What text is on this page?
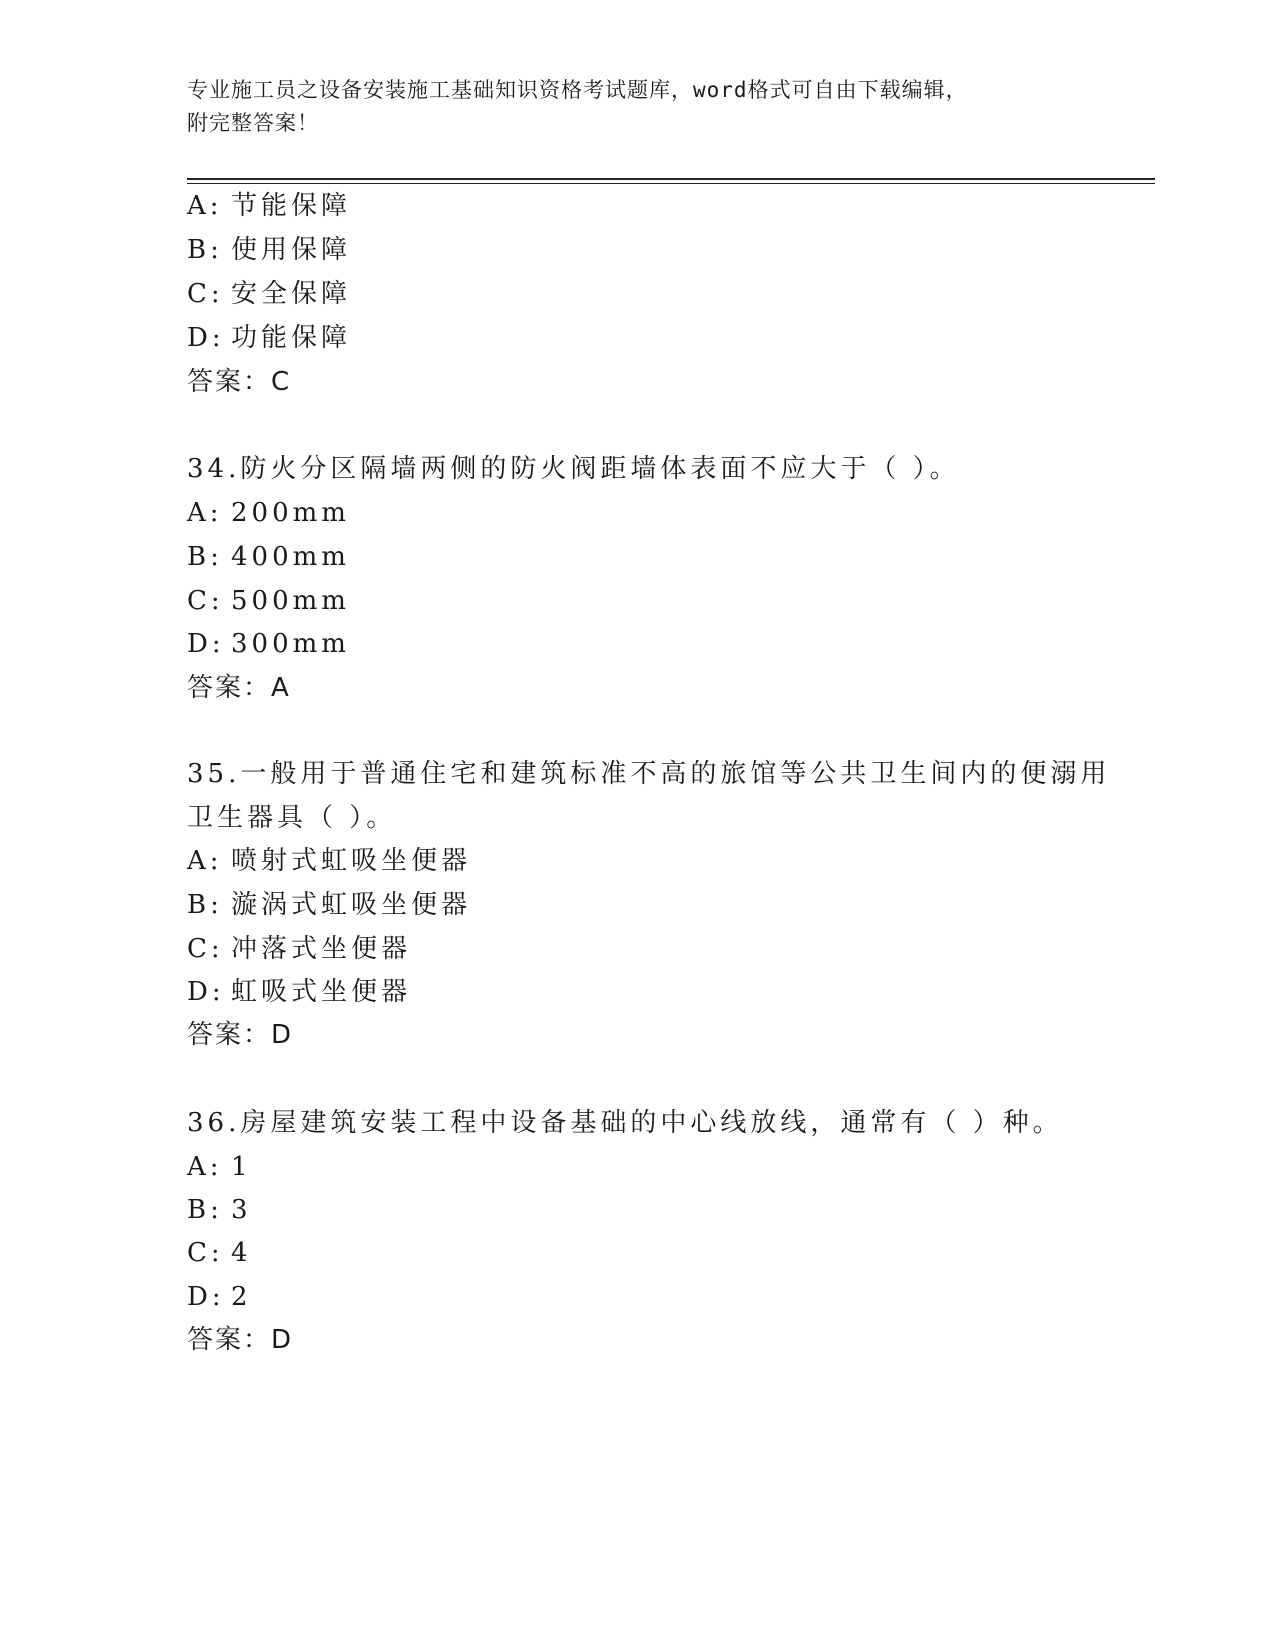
专业施工员之设备安装施工基础知识资格考试题库，word格式可自由下载编辑，
附完整答案！
A: 节能保障
B: 使用保障
C: 安全保障
D: 功能保障
答案：C
34.防火分区隔墙两侧的防火阀距墙体表面不应大于（ ）。
A: 200mm
B: 400mm
C: 500mm
D: 300mm
答案：A
35.一般用于普通住宅和建筑标准不高的旅馆等公共卫生间内的便溺用
卫生器具（ ）。
A: 喷射式虹吸坐便器
B: 漩涡式虹吸坐便器
C: 冲落式坐便器
D: 虹吸式坐便器
答案：D
36.房屋建筑安装工程中设备基础的中心线放线，通常有（ ）种。
A: 1
B: 3
C: 4
D: 2
答案：D
